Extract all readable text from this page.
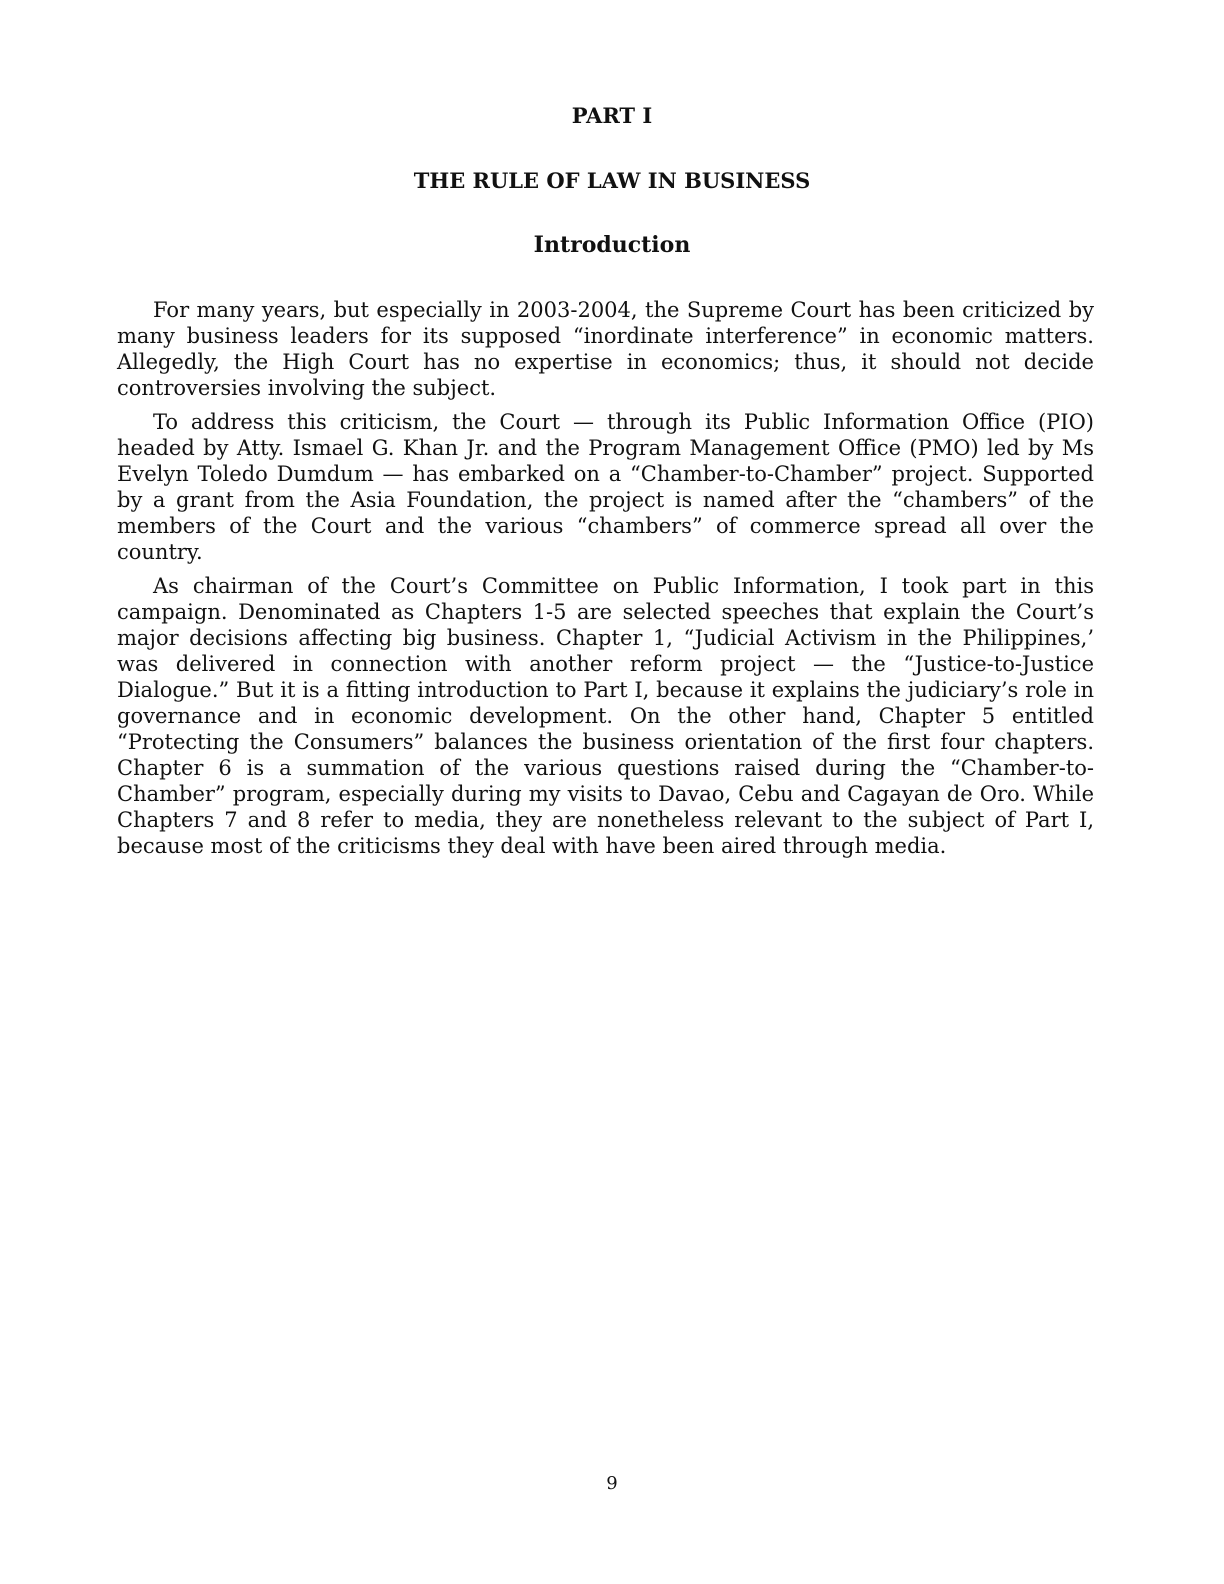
PART I
THE RULE OF LAW IN BUSINESS
Introduction

For many years, but especially in 2003-2004, the Supreme Court has been criticized by many business leaders for its supposed “inordinate interference” in economic matters. Allegedly, the High Court has no expertise in economics; thus, it should not decide controversies involving the subject.

To address this criticism, the Court — through its Public Information Office (PIO) headed by Atty. Ismael G. Khan Jr. and the Program Management Office (PMO) led by Ms Evelyn Toledo Dumdum — has embarked on a “Chamber-to-Chamber” project. Supported by a grant from the Asia Foundation, the project is named after the “chambers” of the members of the Court and the various “chambers” of commerce spread all over the country.

As chairman of the Court’s Committee on Public Information, I took part in this campaign. Denominated as Chapters 1-5 are selected speeches that explain the Court’s major decisions affecting big business. Chapter 1, “Judicial Activism in the Philippines,’ was delivered in connection with another reform project — the “Justice-to-Justice Dialogue.” But it is a fitting introduction to Part I, because it explains the judiciary’s role in governance and in economic development. On the other hand, Chapter 5 entitled “Protecting the Consumers” balances the business orientation of the first four chapters. Chapter 6 is a summation of the various questions raised during the “Chamber-to-Chamber” program, especially during my visits to Davao, Cebu and Cagayan de Oro. While Chapters 7 and 8 refer to media, they are nonetheless relevant to the subject of Part I, because most of the criticisms they deal with have been aired through media.

9
